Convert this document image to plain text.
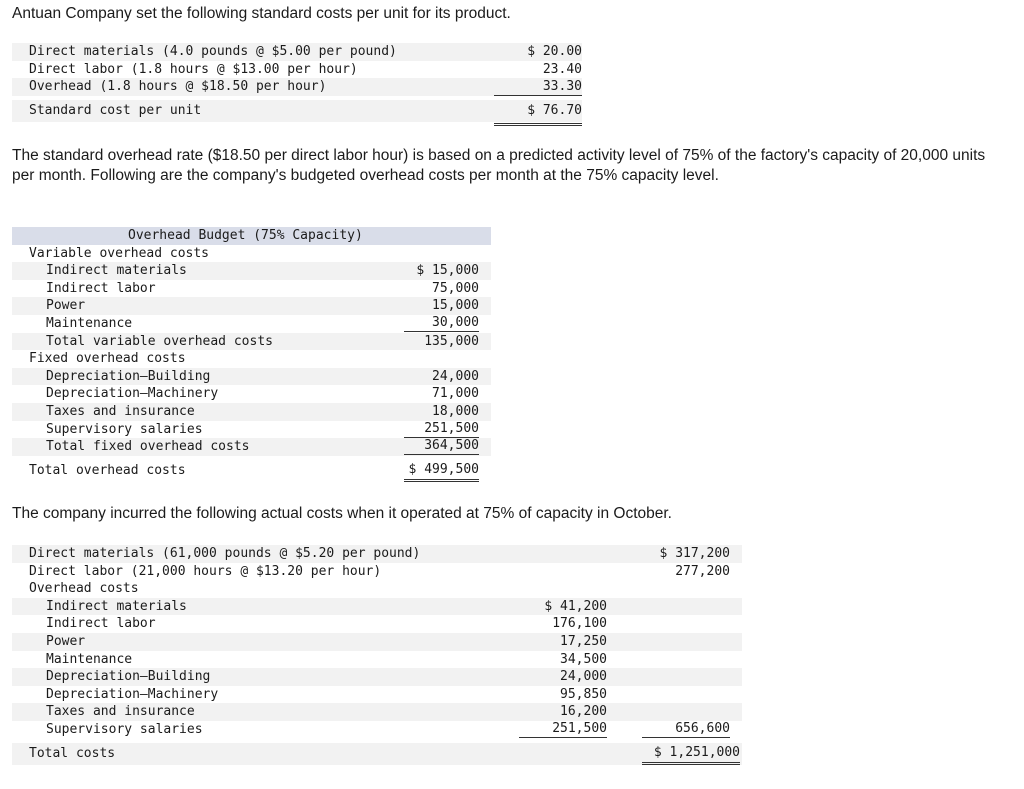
Antuan Company set the following standard costs per unit for its product.
Direct materials (4.0 pounds @ $5.00 per pound)	$ 20.00
Direct labor (1.8 hours @ $13.00 per hour)	23.40
Overhead (1.8 hours @ $18.50 per hour)	33.30
Standard cost per unit	$ 76.70
The standard overhead rate ($18.50 per direct labor hour) is based on a predicted activity level of 75% of the factory's capacity of 20,000 units per month. Following are the company's budgeted overhead costs per month at the 75% capacity level.
Overhead Budget (75% Capacity)
Variable overhead costs
Indirect materials	$ 15,000
Indirect labor	75,000
Power	15,000
Maintenance	30,000
Total variable overhead costs	135,000
Fixed overhead costs
Depreciation—Building	24,000
Depreciation—Machinery	71,000
Taxes and insurance	18,000
Supervisory salaries	251,500
Total fixed overhead costs	364,500
Total overhead costs	$ 499,500
The company incurred the following actual costs when it operated at 75% of capacity in October.
Direct materials (61,000 pounds @ $5.20 per pound)	$ 317,200
Direct labor (21,000 hours @ $13.20 per hour)	277,200
Overhead costs
Indirect materials	$ 41,200
Indirect labor	176,100
Power	17,250
Maintenance	34,500
Depreciation—Building	24,000
Depreciation—Machinery	95,850
Taxes and insurance	16,200
Supervisory salaries	251,500	656,600
Total costs	$ 1,251,000
